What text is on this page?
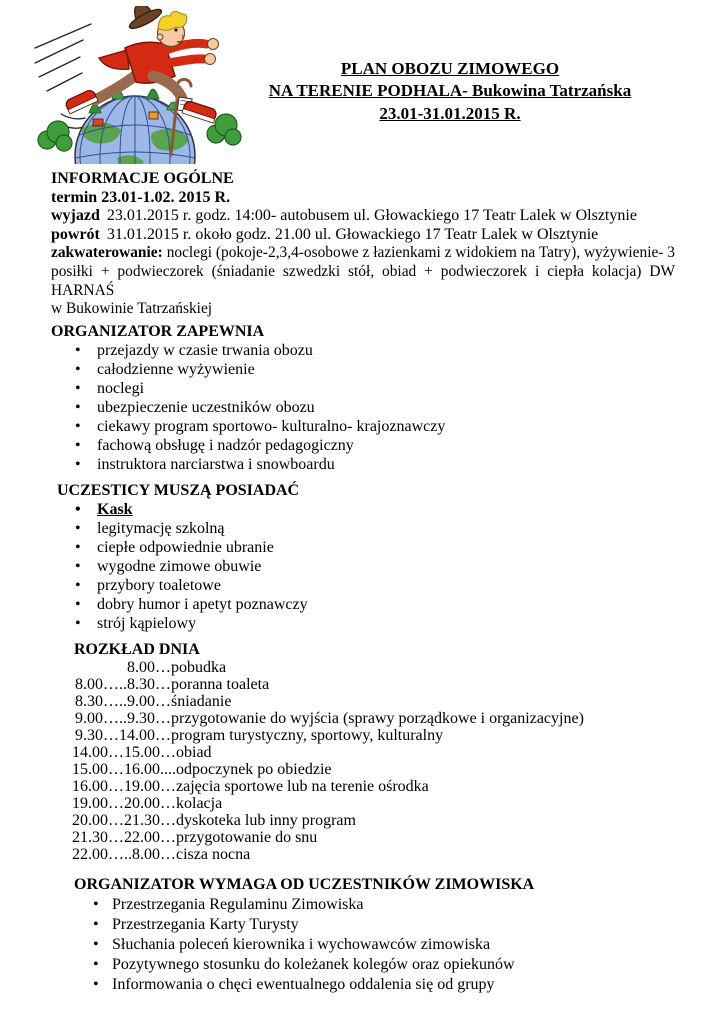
PLAN OBOZU ZIMOWEGO
NA TERENIE PODHALA- Bukowina Tatrzańska
23.01-31.01.2015 R.
INFORMACJE OGÓLNE
termin 23.01-1.02. 2015 R.
wyjazd 23.01.2015 r. godz. 14:00- autobusem ul. Głowackiego 17 Teatr Lalek w Olsztynie
powrót 31.01.2015 r. około godz. 21.00 ul. Głowackiego 17 Teatr Lalek w Olsztynie
zakwaterowanie: noclegi (pokoje-2,3,4-osobowe z łazienkami z widokiem na Tatry), wyżywienie- 3
posiłki + podwieczorek (śniadanie szwedzki stół, obiad + podwieczorek i ciepła kolacja) DW HARNAŚ
w Bukowinie Tatrzańskiej
ORGANIZATOR ZAPEWNIA
• przejazdy w czasie trwania obozu
• całodzienne wyżywienie
• noclegi
• ubezpieczenie uczestników obozu
• ciekawy program sportowo- kulturalno- krajoznawczy
• fachową obsługę i nadzór pedagogiczny
• instruktora narciarstwa i snowboardu
UCZESTICY MUSZĄ POSIADAĆ
• Kask
• legitymację szkolną
• ciepłe odpowiednie ubranie
• wygodne zimowe obuwie
• przybory toaletowe
• dobry humor i apetyt poznawczy
• strój kąpielowy
ROZKŁAD DNIA
8.00…pobudka
8.00…..8.30…poranna toaleta
8.30…..9.00…śniadanie
9.00…..9.30…przygotowanie do wyjścia (sprawy porządkowe i organizacyjne)
9.30…14.00…program turystyczny, sportowy, kulturalny
14.00…15.00…obiad
15.00…16.00....odpoczynek po obiedzie
16.00…19.00…zajęcia sportowe lub na terenie ośrodka
19.00…20.00…kolacja
20.00…21.30…dyskoteka lub inny program
21.30…22.00…przygotowanie do snu
22.00…..8.00…cisza nocna
ORGANIZATOR WYMAGA OD UCZESTNIKÓW ZIMOWISKA
• Przestrzegania Regulaminu Zimowiska
• Przestrzegania Karty Turysty
• Słuchania poleceń kierownika i wychowawców zimowiska
• Pozytywnego stosunku do koleżanek kolegów oraz opiekunów
• Informowania o chęci ewentualnego oddalenia się od grupy
